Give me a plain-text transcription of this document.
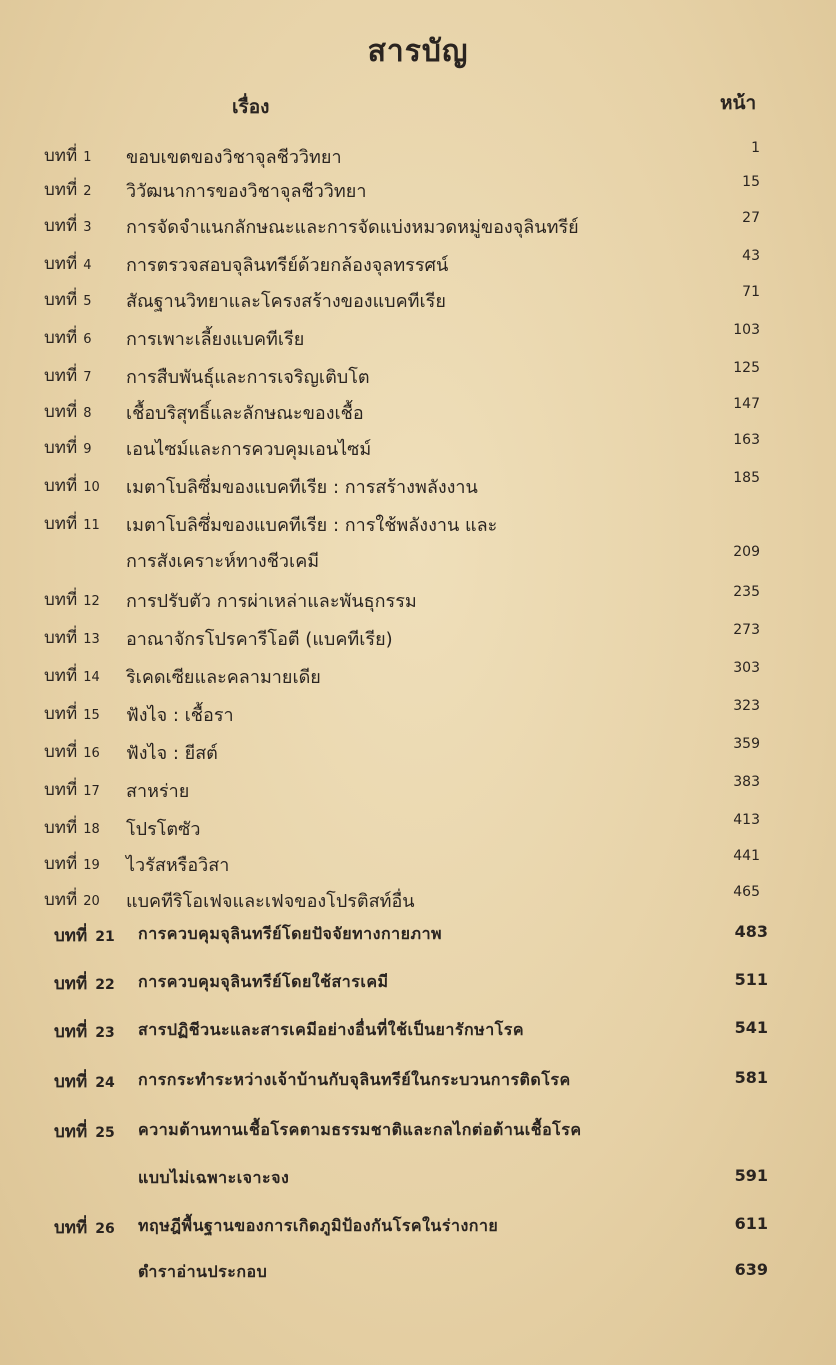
สารบัญ
เรื่อง	หน้า
บทที่ 1 ขอบเขตของวิชาจุลชีววิทยา	1
บทที่ 2 วิวัฒนาการของวิชาจุลชีววิทยา	15
บทที่ 3 การจัดจำแนกลักษณะและการจัดแบ่งหมวดหมู่ของจุลินทรีย์	27
บทที่ 4 การตรวจสอบจุลินทรีย์ด้วยกล้องจุลทรรศน์	43
บทที่ 5 สัณฐานวิทยาและโครงสร้างของแบคทีเรีย	71
บทที่ 6 การเพาะเลี้ยงแบคทีเรีย	103
บทที่ 7 การสืบพันธุ์และการเจริญเติบโต	125
บทที่ 8 เชื้อบริสุทธิ์และลักษณะของเชื้อ	147
บทที่ 9 เอนไซม์และการควบคุมเอนไซม์	163
บทที่ 10 เมตาโบลิซึ่มของแบคทีเรีย : การสร้างพลังงาน	185
บทที่ 11 เมตาโบลิซึ่มของแบคทีเรีย : การใช้พลังงาน และ
การสังเคราะห์ทางชีวเคมี	209
บทที่ 12 การปรับตัว การผ่าเหล่าและพันธุกรรม	235
บทที่ 13 อาณาจักรโปรคารีโอตี (แบคทีเรีย)	273
บทที่ 14 ริเคดเซียและคลามายเดีย	303
บทที่ 15 ฟังไจ : เชื้อรา	323
บทที่ 16 ฟังไจ : ยีสต์	359
บทที่ 17 สาหร่าย	383
บทที่ 18 โปรโตซัว	413
บทที่ 19 ไวรัสหรือวิสา	441
บทที่ 20 แบคทีริโอเฟจและเฟจของโปรติสท์อื่น	465
บทที่ 21 การควบคุมจุลินทรีย์โดยปัจจัยทางกายภาพ	483
บทที่ 22 การควบคุมจุลินทรีย์โดยใช้สารเคมี	511
บทที่ 23 สารปฏิชีวนะและสารเคมีอย่างอื่นที่ใช้เป็นยารักษาโรค	541
บทที่ 24 การกระทำระหว่างเจ้าบ้านกับจุลินทรีย์ในกระบวนการติดโรค	581
บทที่ 25 ความต้านทานเชื้อโรคตามธรรมชาติและกลไกต่อต้านเชื้อโรค
แบบไม่เฉพาะเจาะจง	591
บทที่ 26 ทฤษฎีพื้นฐานของการเกิดภูมิป้องกันโรคในร่างกาย	611
ตำราอ่านประกอบ	639
